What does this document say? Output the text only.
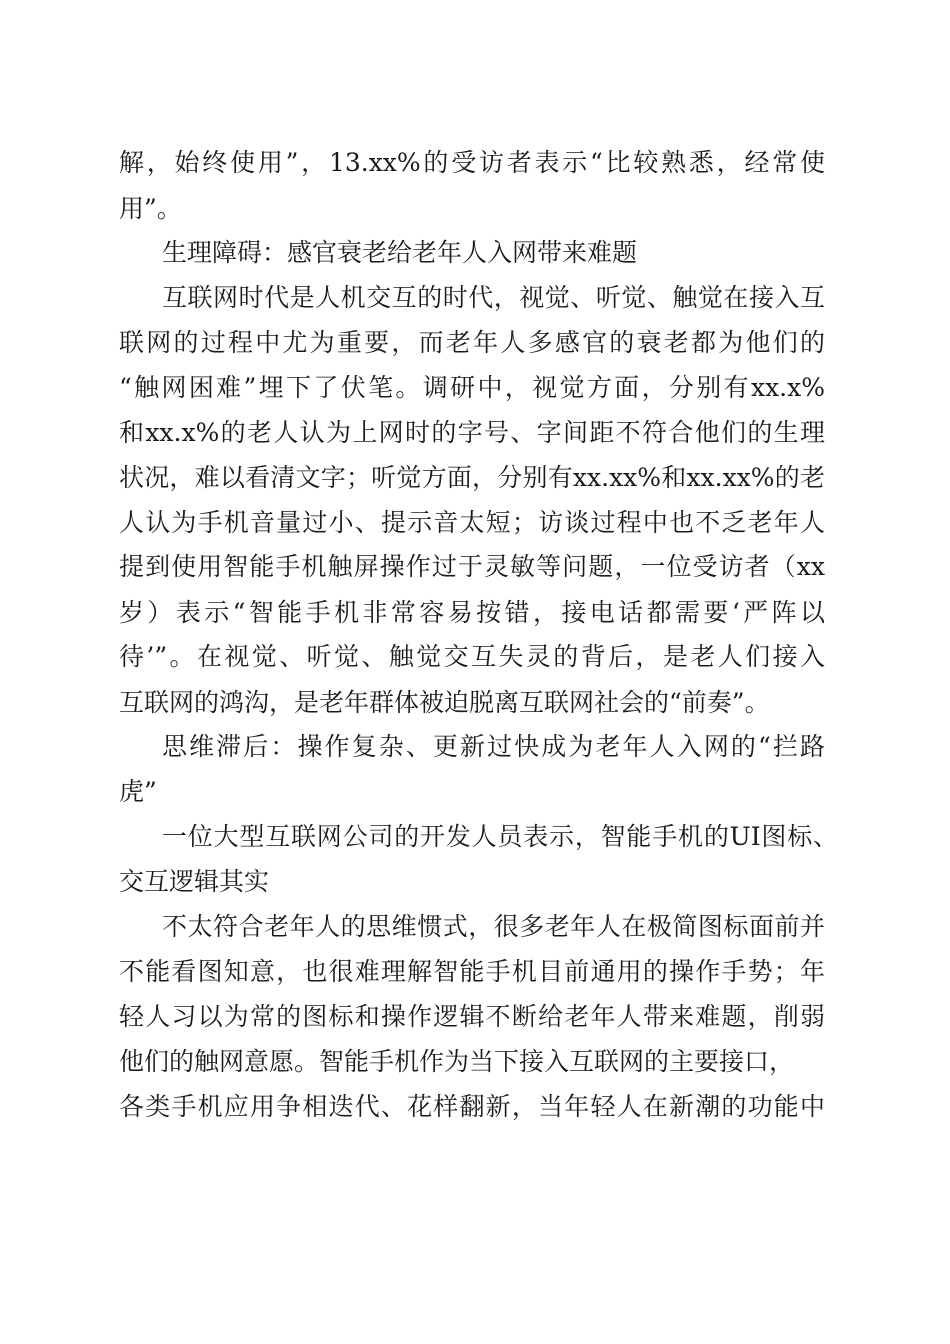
解，始终使用”，13.xx%的受访者表示“比较熟悉，经常使
用”。
生理障碍：感官衰老给老年人入网带来难题
互联网时代是人机交互的时代，视觉、听觉、触觉在接入互
联网的过程中尤为重要，而老年人多感官的衰老都为他们的
“触网困难”埋下了伏笔。调研中，视觉方面，分别有xx.x%
和xx.x%的老人认为上网时的字号、字间距不符合他们的生理
状况，难以看清文字；听觉方面，分别有xx.xx%和xx.xx%的老
人认为手机音量过小、提示音太短；访谈过程中也不乏老年人
提到使用智能手机触屏操作过于灵敏等问题，一位受访者（xx
岁）表示“智能手机非常容易按错，接电话都需要‘严阵以
待’”。在视觉、听觉、触觉交互失灵的背后，是老人们接入
互联网的鸿沟，是老年群体被迫脱离互联网社会的“前奏”。
思维滞后：操作复杂、更新过快成为老年人入网的“拦路
虎”
一位大型互联网公司的开发人员表示，智能手机的UI图标、
交互逻辑其实
不太符合老年人的思维惯式，很多老年人在极简图标面前并
不能看图知意，也很难理解智能手机目前通用的操作手势；年
轻人习以为常的图标和操作逻辑不断给老年人带来难题，削弱
他们的触网意愿。智能手机作为当下接入互联网的主要接口，
各类手机应用争相迭代、花样翻新，当年轻人在新潮的功能中
